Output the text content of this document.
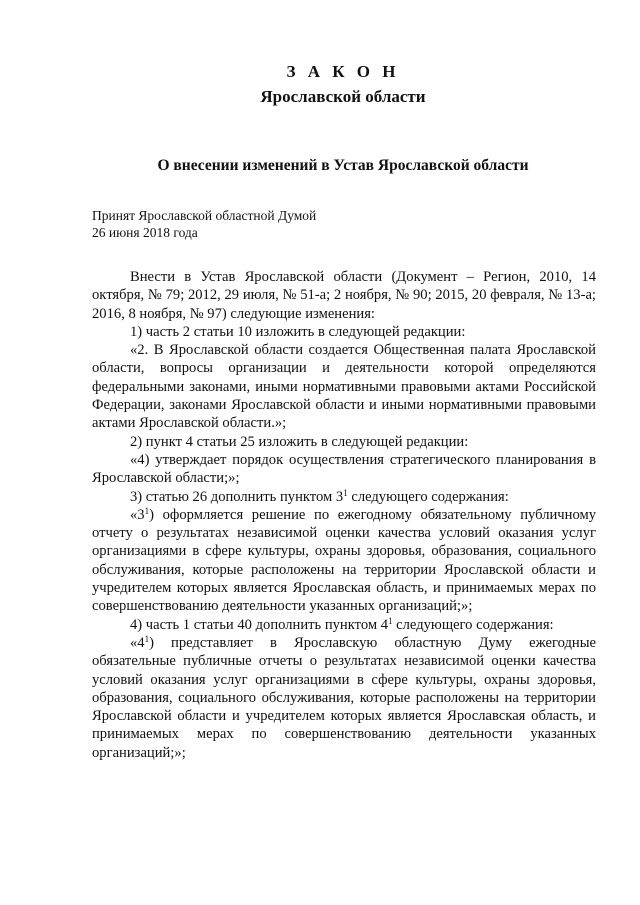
З А К О Н
Ярославской области
О внесении изменений в Устав Ярославской области
Принят Ярославской областной Думой
26 июня 2018 года

Внести в Устав Ярославской области (Документ – Регион, 2010, 14 октября, № 79; 2012, 29 июля, № 51-а; 2 ноября, № 90; 2015, 20 февраля, № 13-а; 2016, 8 ноября, № 97) следующие изменения:

1) часть 2 статьи 10 изложить в следующей редакции:

«2. В Ярославской области создается Общественная палата Ярославской области, вопросы организации и деятельности которой определяются федеральными законами, иными нормативными правовыми актами Российской Федерации, законами Ярославской области и иными нормативными правовыми актами Ярославской области.»;

2) пункт 4 статьи 25 изложить в следующей редакции:

«4) утверждает порядок осуществления стратегического планирования в Ярославской области;»;

3) статью 26 дополнить пунктом $3^1$ следующего содержания:

«$3^1$) оформляется решение по ежегодному обязательному публичному отчету о результатах независимой оценки качества условий оказания услуг организациями в сфере культуры, охраны здоровья, образования, социального обслуживания, которые расположены на территории Ярославской области и учредителем которых является Ярославская область, и принимаемых мерах по совершенствованию деятельности указанных организаций;»;

4) часть 1 статьи 40 дополнить пунктом $4^1$ следующего содержания:

«$4^1$) представляет в Ярославскую областную Думу ежегодные обязательные публичные отчеты о результатах независимой оценки качества условий оказания услуг организациями в сфере культуры, охраны здоровья, образования, социального обслуживания, которые расположены на территории Ярославской области и учредителем которых является Ярославская область, и принимаемых мерах по совершенствованию деятельности указанных организаций;»;
